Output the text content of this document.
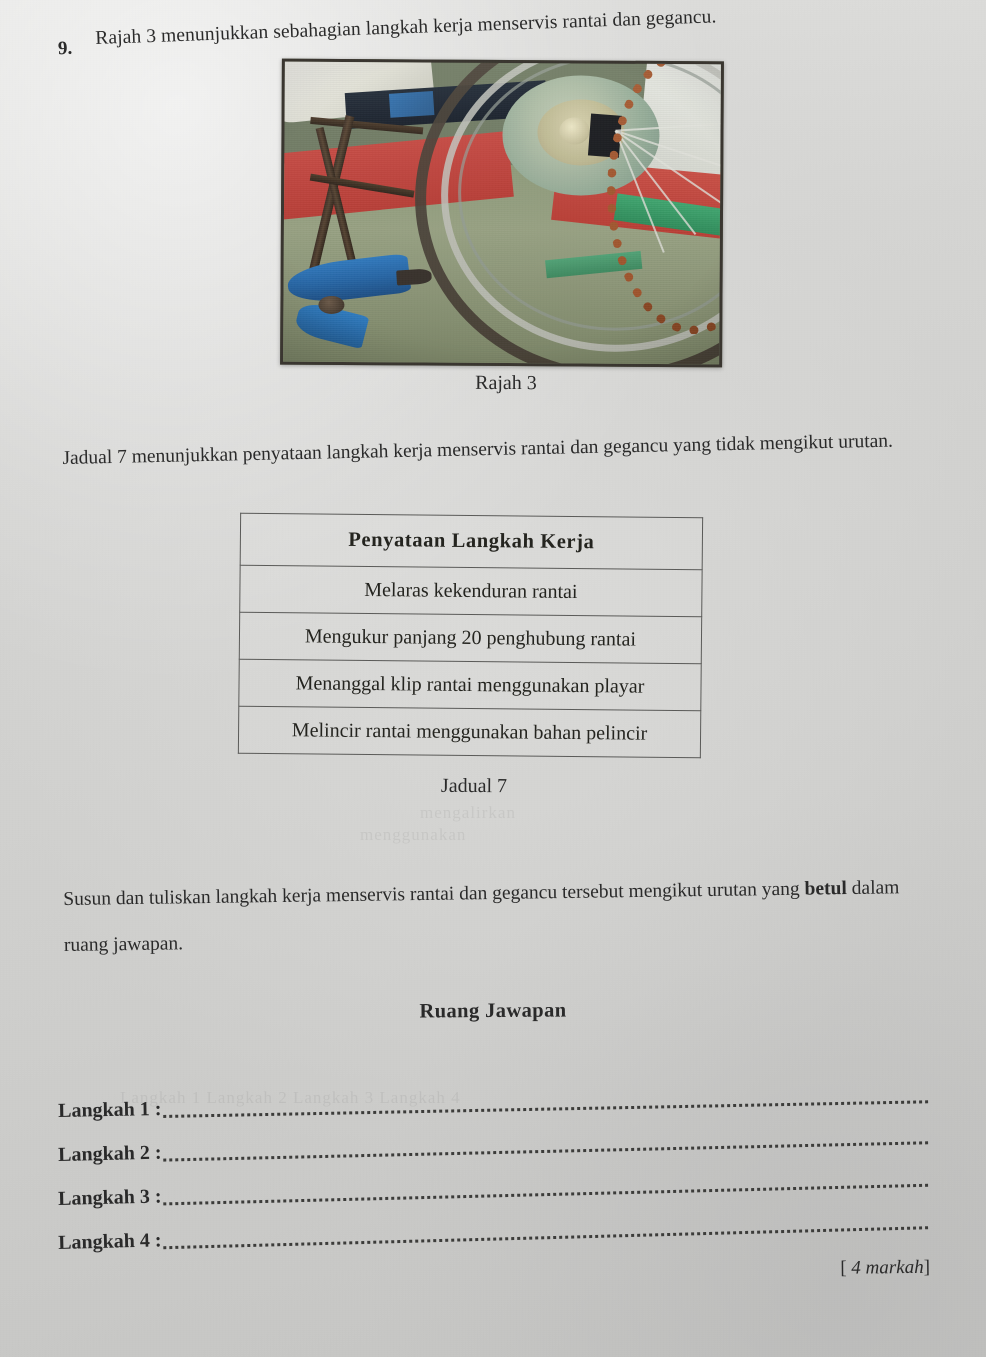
Langkah 1 Langkah 2 Langkah 3 Langkah 4
mengalirkan
menggunakan
9. Rajah 3 menunjukkan sebahagian langkah kerja menservis rantai dan gegancu.
Rajah 3
Jadual 7 menunjukkan penyataan langkah kerja menservis rantai dan gegancu yang tidak mengikut urutan.
Penyataan Langkah Kerja
Melaras kekenduran rantai
Mengukur panjang 20 penghubung rantai
Menanggal klip rantai menggunakan playar
Melincir rantai menggunakan bahan pelincir
Jadual 7
Susun dan tuliskan langkah kerja menservis rantai dan gegancu tersebut mengikut urutan yang betul dalam ruang jawapan.
Ruang Jawapan
Langkah 1 :
Langkah 2 :
Langkah 3 :
Langkah 4 :
[ 4 markah]
